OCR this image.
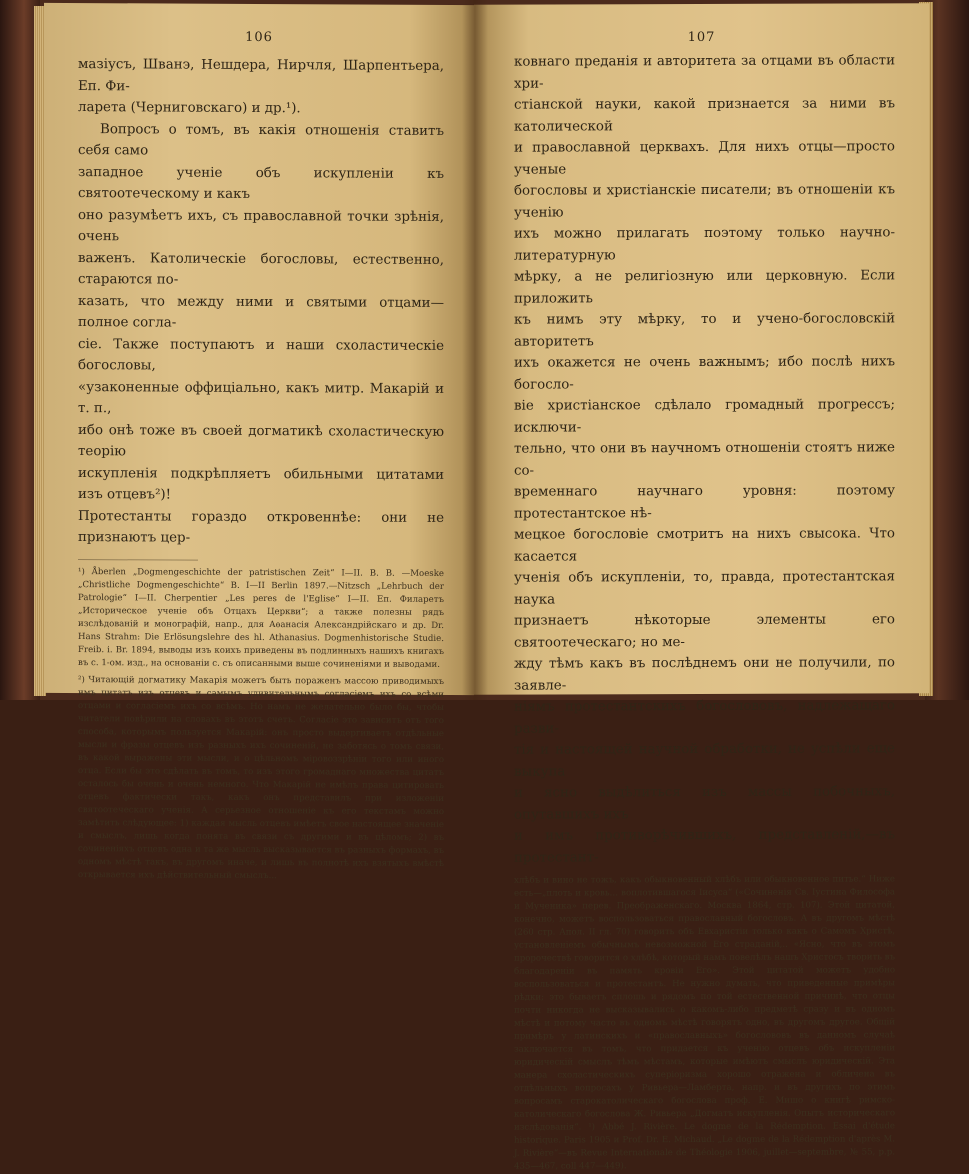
106

мазіусъ, Шванэ, Нешдера, Нирчля, Шарпентьера, Еп. Фи-

ларета (Черниговскаго) и др.¹).

Вопросъ о томъ, въ какія отношенія ставитъ себя само

западное ученіе объ искупленіи къ святоотеческому и какъ

оно разумѣетъ ихъ, съ православной точки зрѣнія, очень

важенъ. Католическіе богословы, естественно, стараются по-

казать, что между ними и святыми отцами—полное согла-

сіе. Также поступаютъ и наши схоластическіе богословы,

«узаконенные оффиціально, какъ митр. Макарій и т. п.,

ибо онѣ тоже въ своей догматикѣ схоластическую теорію

искупленія подкрѣпляетъ обильными цитатами изъ отцевъ²)!

Протестанты гораздо откровеннѣе: они не признаютъ цер-

¹) Åberlen „Dogmengeschichte der patristischen Zeit“ I—II. B. B. —Moeske „Christliche Dogmengeschichte“ B. I—II Berlin 1897.—Nitzsch „Lehrbuch der Patrologie“ I—II. Cherpentier „Les peres de l'Eglise“ I—II. Еп. Филаретъ „Историческое ученіе объ Отцахъ Церкви“; а также полезны рядъ изслѣдованій и монографій, напр., для Аѳанасія Александрійскаго и др. Dr. Hans Strahm: Die Erlösungslehre des hl. Athanasius. Dogmenhistorische Studie. Freib. i. Br. 1894, выводы изъ коихъ приведены въ подлинныхъ нашихъ книгахъ въ с. 1-ом. изд., на основаніи с. съ описанными выше сочиненіями и выводами.

²) Читающій догматику Макарія можетъ быть пораженъ массою приводимыхъ имъ цитатъ изъ отцевъ и самымъ удивительнымъ согласіемъ ихъ со всѣми отцами и согласіемъ ихъ со всѣмъ. Но намъ не желательно было бы, чтобы читатели повѣрили на словахъ въ этотъ счетъ. Согласіе это зависитъ отъ того способа, которымъ пользуется Макарій: онъ просто выдергиваетъ отдѣльные мысли и фразы отцевъ изъ разныхъ ихъ сочиненій, не заботясь о томъ связи, въ какой выражены эти мысли, и о цѣльномъ міровоззрѣніи того или иного отца. Если бы это сдѣлать въ томъ, то изъ этого громаднаго множества цитатъ осталось бы очень и очень немного. Что Макарій не имѣлъ права цитировать отцевъ фактически такъ, какъ онъ представилъ при изложеніи святоотеческаго ученія. А серьезное отношеніе къ его текстамъ можно замѣтить слѣдующее: 1) каждая мысль отцевъ имѣетъ свое настоящее значеніе и смыслъ, лишь когда понята въ связи съ другими и въ цѣломъ; 2) въ сочиненіяхъ отцевъ одна и та же мысль высказывается въ разныхъ формахъ, въ одномъ мѣстѣ такъ, въ другомъ иначе, и лишь въ полнотѣ ихъ взятыхъ вмѣстѣ открывается ихъ дѣйствительный смыслъ...

107

ковнаго преданія и авторитета за отцами въ области хри-

стіанской науки, какой признается за ними въ католической

и православной церквахъ. Для нихъ отцы—просто ученые

богословы и христіанскіе писатели; въ отношеніи къ ученію

ихъ можно прилагать поэтому только научно-литературную

мѣрку, а не религіозную или церковную. Если приложить

къ нимъ эту мѣрку, то и учено-богословскій авторитетъ

ихъ окажется не очень важнымъ; ибо послѣ нихъ богосло-

віе христіанское сдѣлало громадный прогрессъ; исключи-

тельно, что они въ научномъ отношеніи стоятъ ниже со-

временнаго научнаго уровня: поэтому протестантское нѣ-

мецкое богословіе смотритъ на нихъ свысока. Что касается

ученія объ искупленіи, то, правда, протестантская наука

признаетъ нѣкоторые элементы его святоотеческаго; но ме-

жду тѣмъ какъ въ послѣднемъ они не получили, по заявле-

ніямъ протестантскихъ богослововъ, надлежащаго разви-

тія и настоящей научной обработки, не успѣли еще выкупа

и ясно выдѣлиться изъ массы побочныхъ, опутавшихъ ихъ

и имъ противорѣчившихъ, представленій,—въ протестант-

хлѣбъ и вино не тожъ, какъ обыкновенный хлѣбъ или обыкновенное питье.“ Ниже есть—„плоть и кровь… воплотившагося Іисуса“ («Сочиненія Св. Іустина Философа и Мученика» перев. Преображенскаго. Москва 1864, стр. 107). Этой цитатой, конечно, можетъ воспользоваться православный богословъ. А въ другомъ мѣстѣ (260 стр. Апол. II гл. 70) говорить объ Евхаристіи только какъ о Самомъ Христѣ, установленіемъ обычнымъ невозможной Его страданій,.. «Ясно, что въ этомъ пророчествѣ говорится о хлѣбѣ, который намъ повелѣлъ нашъ Христосъ творить въ благодареніи въ память кровіи Его». Этой цитатой можетъ удобно воспользоваться и протестантъ. Не нужно думать, что приведенные примѣры рѣдки; это бываетъ сплошь и рядомъ по той естественной причинѣ, что отцы почти никогда не высказывались о какомъ-либо предметѣ сразу и въ одномъ мѣстѣ и потому часто въ одномъ мѣстѣ говорятъ одно, въ другомъ другое. Общій примѣръ у латинскихъ и «православныхъ» богослововъ въ данномъ случаѣ заключается въ томъ, что придается къ ученію отцевъ объ искупленіи юридическій смыслъ тѣмъ мѣстамъ, которые имѣютъ смыслъ юридическій. Эта манера схоластическихъ суперіоризма хорошо отражена и обличена въ отдѣльныхъ вопросахъ у Ривьера—Ламберта, напр. и въ другихъ по этимъ вопросамъ старокатолическаго богослова проф. Е. Мишо о книгѣ римско-католическаго богослова Ж. Ривьера „Догматъ искупленія. Опытъ историческаго изслѣдованія“. ¹) Abbé J. Rivière. Le dogme de la Rédemption. Essai d'étude historique. Paris 1905 и Prof. Dr. E. Michaud. „Le dogme de la Rédemption d'après M. J. Rivière“—въ Revue Internationale de Théologie 1906, juillet—septembre, № 55, p.p. 435—467, сoll 447—449).
